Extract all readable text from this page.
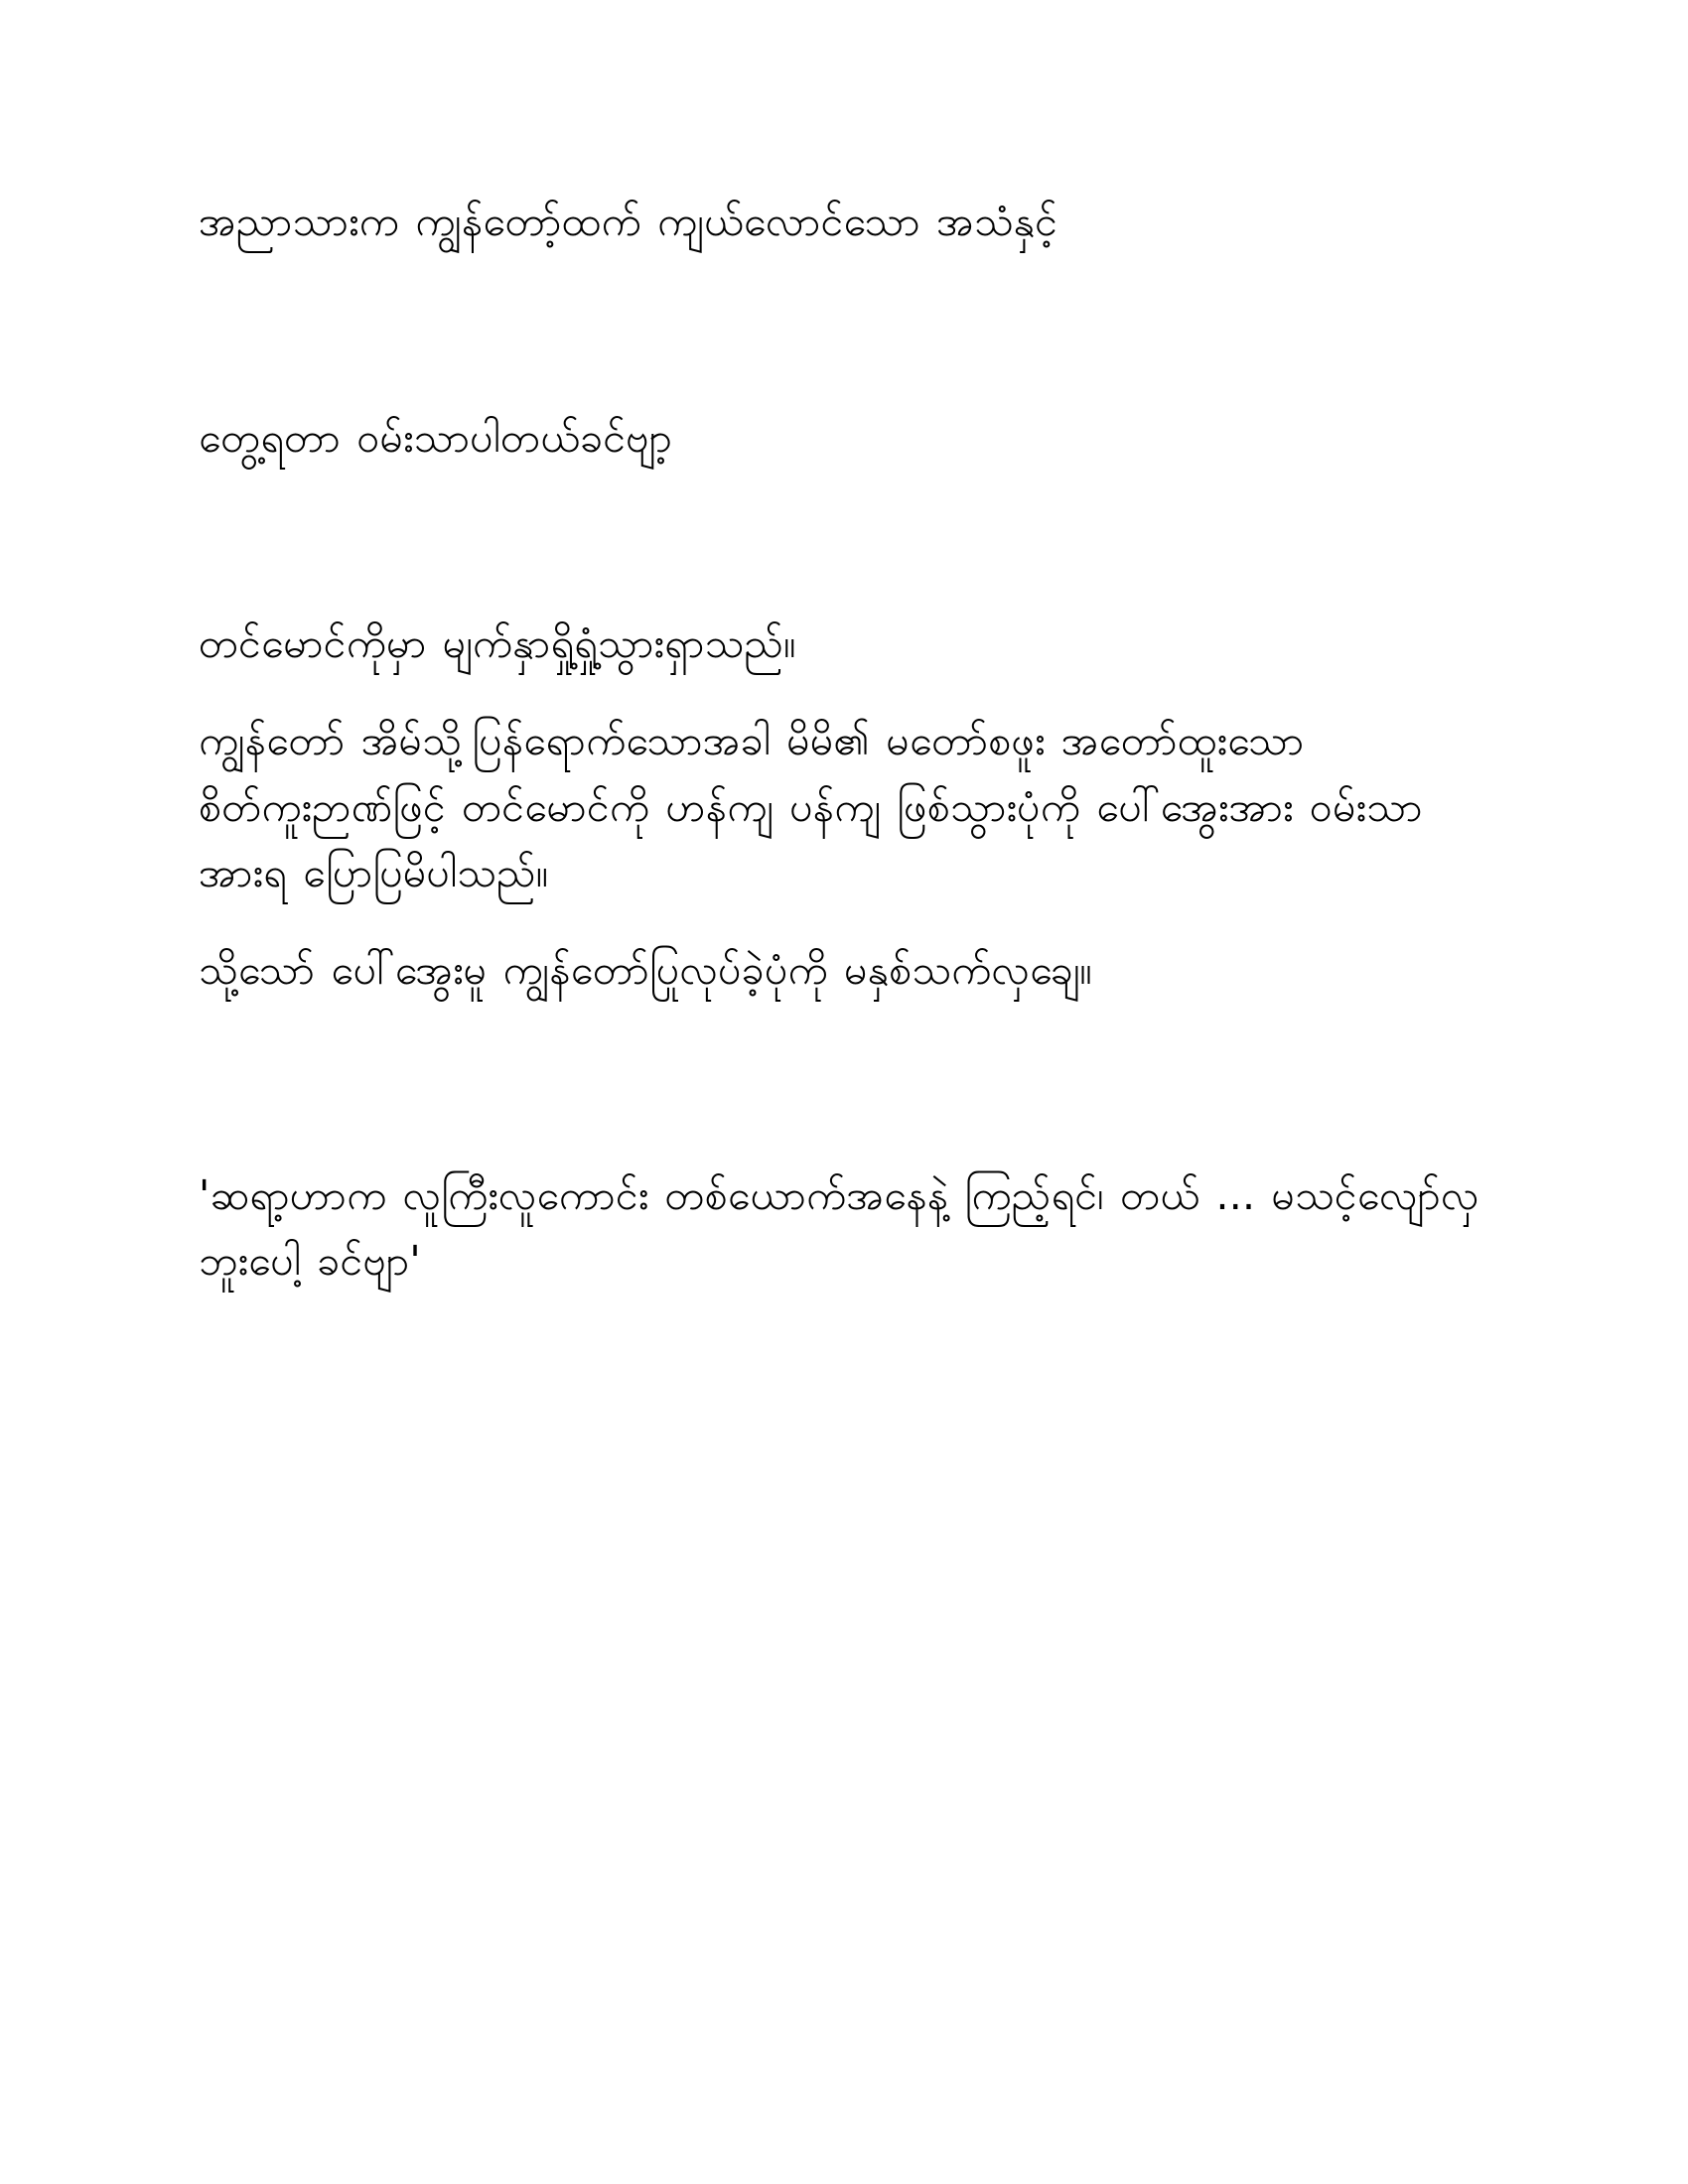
အညာသားက ကျွန်တော့်ထက် ကျယ်လောင်သော အသံနှင့်

တွေ့ရတာ ဝမ်းသာပါတယ်ခင်ဗျာ့

တင်မောင်ကိုမှာ မျက်နှာရှို့ရှုံ့သွားရှာသည်။

ကျွန်တော် အိမ်သို့ပြန်ရောက်သောအခါ မိမိ၏ မတော်စဖူး အတော်ထူးသော စိတ်ကူးဉာဏ်ဖြင့် တင်မောင်ကို ဟန်ကျ ပန်ကျ ဖြစ်သွားပုံကို ပေါ်အွေးအား ဝမ်းသာအားရ ပြောပြမိပါသည်။

သို့သော် ပေါ်အွေးမူ ကျွန်တော်ပြုလုပ်ခဲ့ပုံကို မနှစ်သက်လှချေ။

'ဆရာ့ဟာက လူကြီးလူကောင်း တစ်ယောက်အနေနဲ့ ကြည့်ရင်၊ တယ် ... မသင့်လျော်လှဘူးပေါ့ ခင်ဗျာ'
